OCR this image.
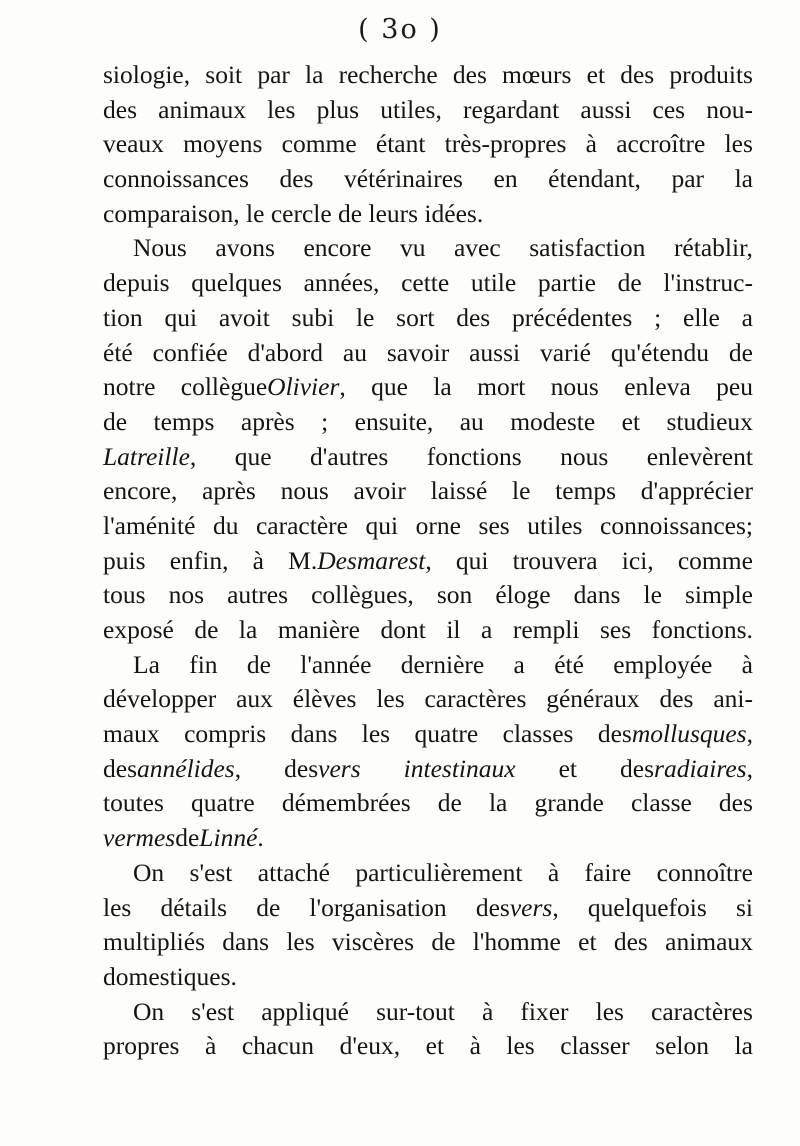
( 3o )
siologie, soit par la recherche des mœurs et des produits
des animaux les plus utiles, regardant aussi ces nou-
veaux moyens comme étant très-propres à accroître les
connoissances des vétérinaires en étendant, par la
comparaison, le cercle de leurs idées.
Nous avons encore vu avec satisfaction rétablir,
depuis quelques années, cette utile partie de l'instruc-
tion qui avoit subi le sort des précédentes ; elle a
été confiée d'abord au savoir aussi varié qu'étendu de
notre collègueOlivier, que la mort nous enleva peu
de temps après ; ensuite, au modeste et studieux
Latreille, que d'autres fonctions nous enlevèrent
encore, après nous avoir laissé le temps d'apprécier
l'aménité du caractère qui orne ses utiles connoissances;
puis enfin, à M.Desmarest, qui trouvera ici, comme
tous nos autres collègues, son éloge dans le simple
exposé de la manière dont il a rempli ses fonctions.
La fin de l'année dernière a été employée à
développer aux élèves les caractères généraux des ani-
maux compris dans les quatre classes desmollusques,
desannélides, desvers intestinaux et desradiaires,
toutes quatre démembrées de la grande classe des
vermes de Linné .
On s'est attaché particulièrement à faire connoître
les détails de l'organisation desvers, quelquefois si
multipliés dans les viscères de l'homme et des animaux
domestiques.
On s'est appliqué sur-tout à fixer les caractères
propres à chacun d'eux, et à les classer selon la
